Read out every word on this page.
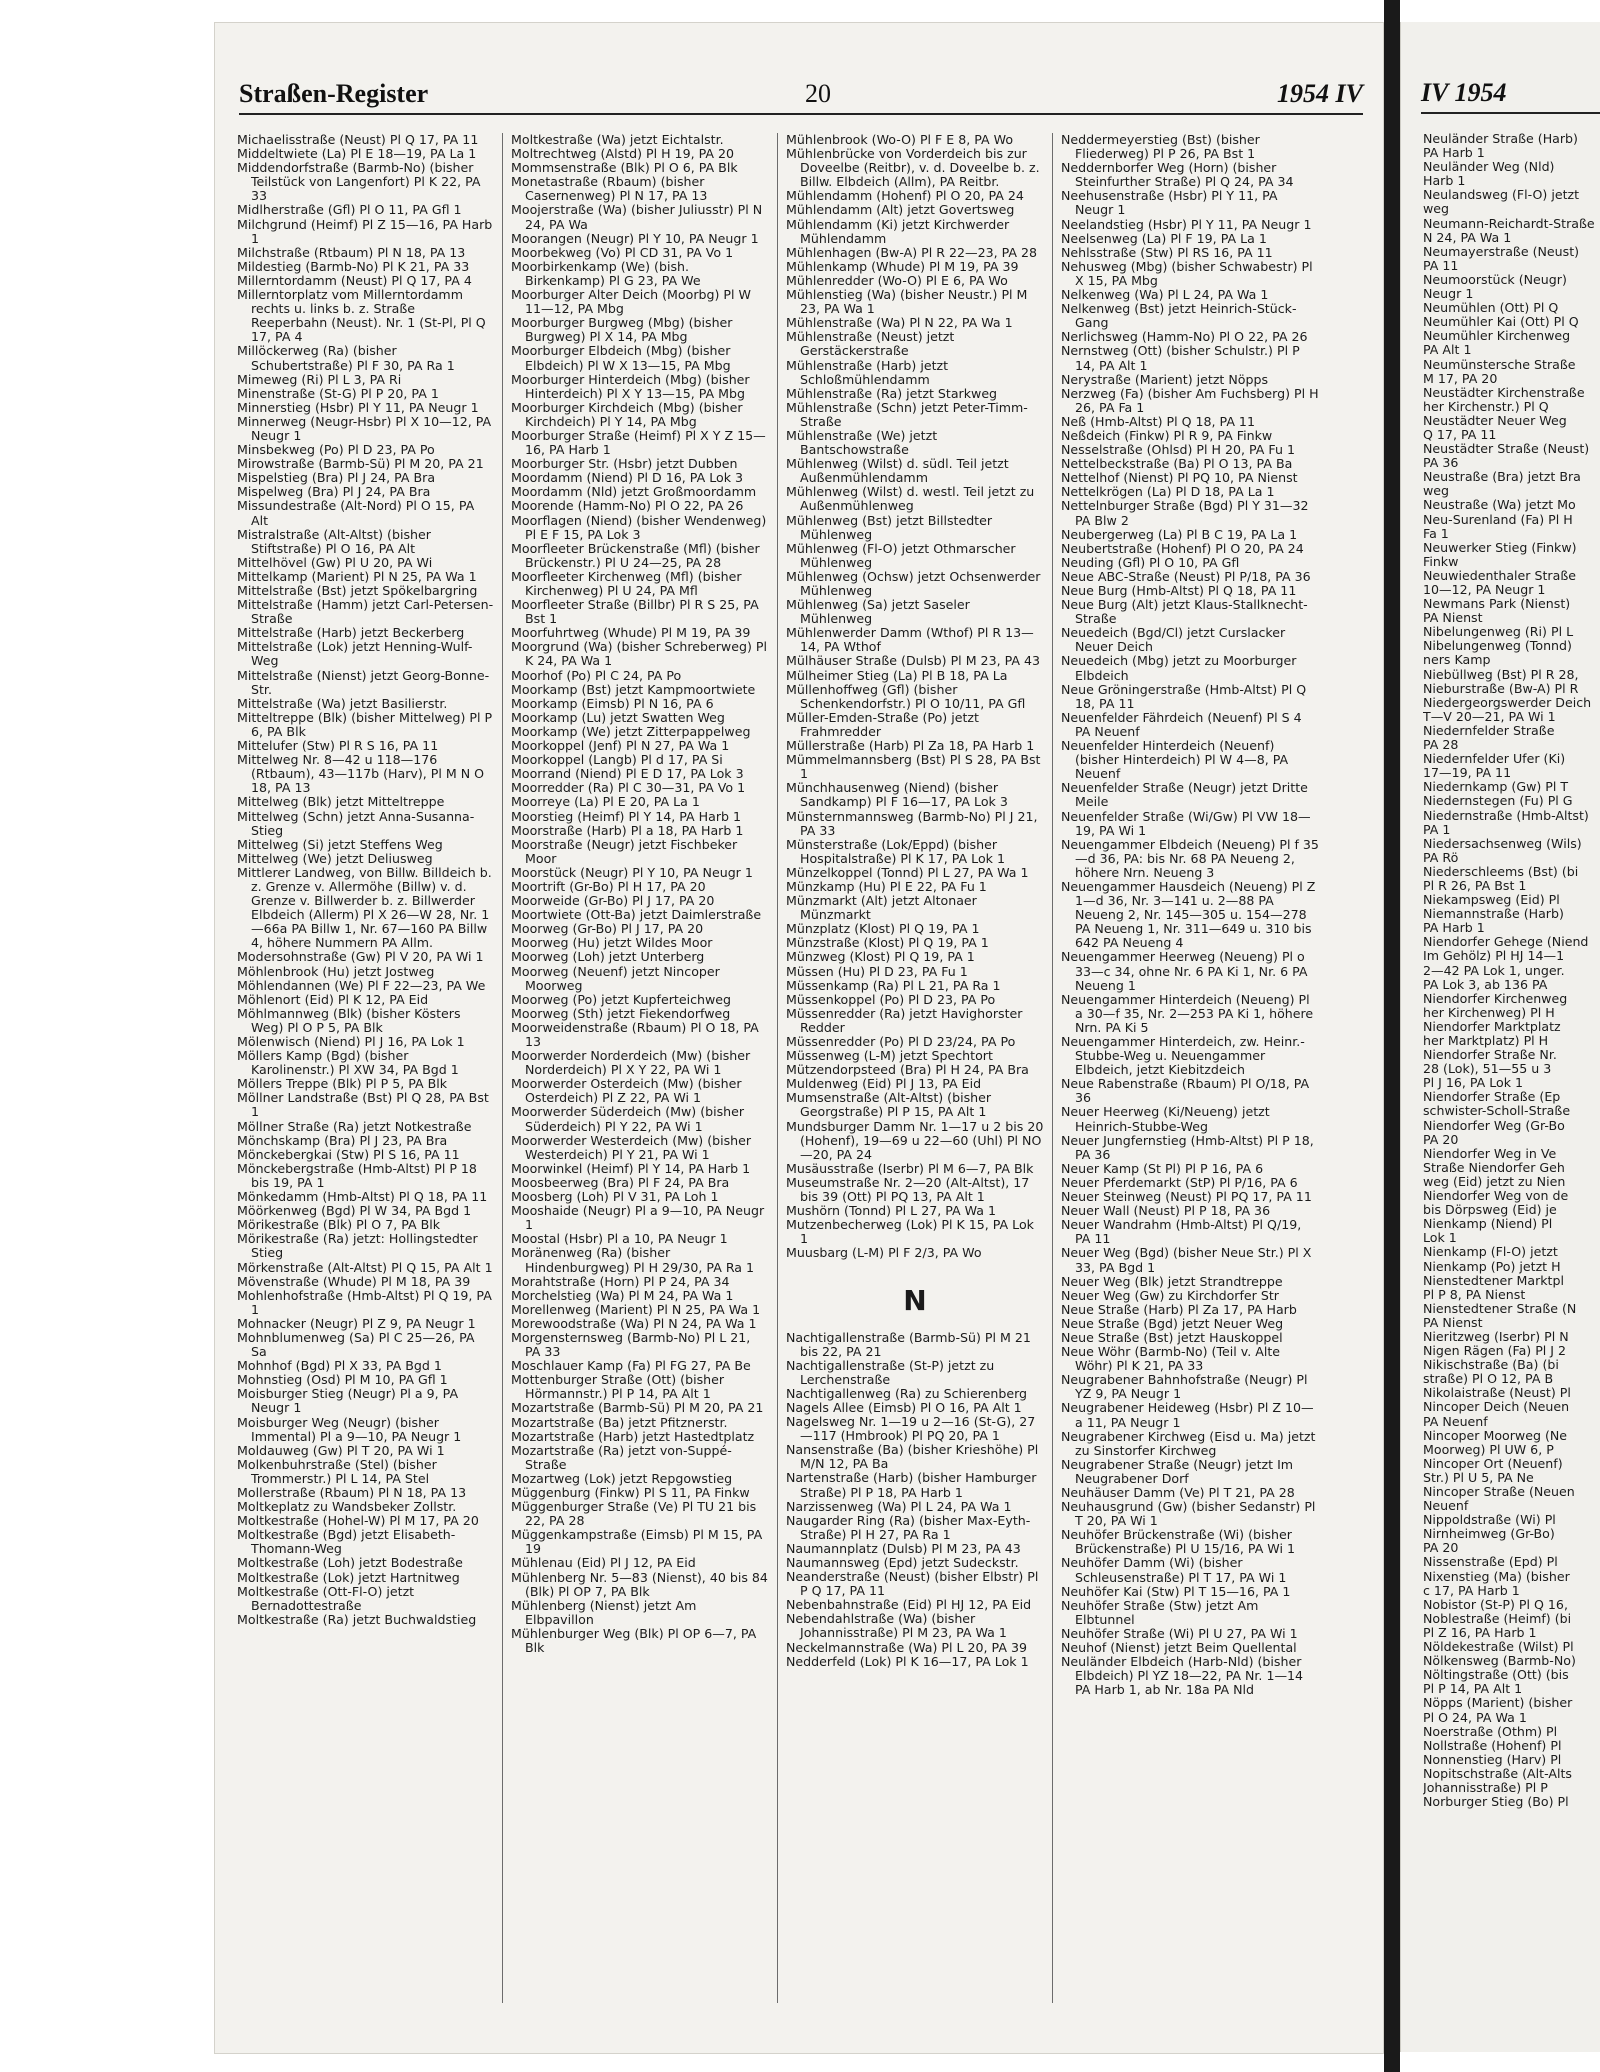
Straßen-Register	20	1954 IV
Michaelisstraße (Neust) Pl Q 17, PA 11
Middeltwiete (La) Pl E 18—19, PA La 1
Middendorfstraße (Barmb-No) (bisher Teilstück von Langenfort) Pl K 22, PA 33
Midlherstraße (Gfl) Pl O 11, PA Gfl 1
Milchgrund (Heimf) Pl Z 15—16, PA Harb 1
Milchstraße (Rtbaum) Pl N 18, PA 13
Mildestieg (Barmb-No) Pl K 21, PA 33
Millerntordamm (Neust) Pl Q 17, PA 4
Millerntorplatz vom Millerntordamm rechts u. links b. z. Straße Reeperbahn (Neust). Nr. 1 (St-Pl, Pl Q 17, PA 4
Millöckerweg (Ra) (bisher Schubertstraße) Pl F 30, PA Ra 1
Mimeweg (Ri) Pl L 3, PA Ri
Minenstraße (St-G) Pl P 20, PA 1
Minnerstieg (Hsbr) Pl Y 11, PA Neugr 1
Minnerweg (Neugr-Hsbr) Pl X 10—12, PA Neugr 1
Minsbekweg (Po) Pl D 23, PA Po
Mirowstraße (Barmb-Sü) Pl M 20, PA 21
Mispelstieg (Bra) Pl J 24, PA Bra
Mispelweg (Bra) Pl J 24, PA Bra
Missundestraße (Alt-Nord) Pl O 15, PA Alt
Mistralstraße (Alt-Altst) (bisher Stiftstraße) Pl O 16, PA Alt
Mittelhövel (Gw) Pl U 20, PA Wi
Mittelkamp (Marient) Pl N 25, PA Wa 1
Mittelstraße (Bst) jetzt Spökelbargring
Mittelstraße (Hamm) jetzt Carl-Petersen-Straße
Mittelstraße (Harb) jetzt Beckerberg
Mittelstraße (Lok) jetzt Henning-Wulf-Weg
Mittelstraße (Nienst) jetzt Georg-Bonne-Str.
Mittelstraße (Wa) jetzt Basilierstr.
Mitteltreppe (Blk) (bisher Mittelweg) Pl P 6, PA Blk
Mittelufer (Stw) Pl R S 16, PA 11
Mittelweg Nr. 8—42 u 118—176 (Rtbaum), 43—117b (Harv), Pl M N O 18, PA 13
Mittelweg (Blk) jetzt Mitteltreppe
Mittelweg (Schn) jetzt Anna-Susanna-Stieg
Mittelweg (Si) jetzt Steffens Weg
Mittelweg (We) jetzt Deliusweg
Mittlerer Landweg, von Billw. Billdeich b. z. Grenze v. Allermöhe (Billw) v. d. Grenze v. Billwerder b. z. Billwerder Elbdeich (Allerm) Pl X 26—W 28, Nr. 1—66a PA Billw 1, Nr. 67—160 PA Billw 4, höhere Nummern PA Allm.
Modersohnstraße (Gw) Pl V 20, PA Wi 1
Möhlenbrook (Hu) jetzt Jostweg
Möhlendannen (We) Pl F 22—23, PA We
Möhlenort (Eid) Pl K 12, PA Eid
Möhlmannweg (Blk) (bisher Kösters Weg) Pl O P 5, PA Blk
Mölenwisch (Niend) Pl J 16, PA Lok 1
Möllers Kamp (Bgd) (bisher Karolinenstr.) Pl XW 34, PA Bgd 1
Möllers Treppe (Blk) Pl P 5, PA Blk
Möllner Landstraße (Bst) Pl Q 28, PA Bst 1
Möllner Straße (Ra) jetzt Notkestraße
Mönchskamp (Bra) Pl J 23, PA Bra
Mönckebergkai (Stw) Pl S 16, PA 11
Mönckebergstraße (Hmb-Altst) Pl P 18 bis 19, PA 1
Mönkedamm (Hmb-Altst) Pl Q 18, PA 11
Möörkenweg (Bgd) Pl W 34, PA Bgd 1
Mörikestraße (Blk) Pl O 7, PA Blk
Mörikestraße (Ra) jetzt: Hollingstedter Stieg
Mörkenstraße (Alt-Altst) Pl Q 15, PA Alt 1
Mövenstraße (Whude) Pl M 18, PA 39
Mohlenhofstraße (Hmb-Altst) Pl Q 19, PA 1
Mohnacker (Neugr) Pl Z 9, PA Neugr 1
Mohnblumenweg (Sa) Pl C 25—26, PA Sa
Mohnhof (Bgd) Pl X 33, PA Bgd 1
Mohnstieg (Osd) Pl M 10, PA Gfl 1
Moisburger Stieg (Neugr) Pl a 9, PA Neugr 1
Moisburger Weg (Neugr) (bisher Immental) Pl a 9—10, PA Neugr 1
Moldauweg (Gw) Pl T 20, PA Wi 1
Molkenbuhrstraße (Stel) (bisher Trommerstr.) Pl L 14, PA Stel
Mollerstraße (Rbaum) Pl N 18, PA 13
Moltkeplatz zu Wandsbeker Zollstr.
Moltkestraße (Hohel-W) Pl M 17, PA 20
Moltkestraße (Bgd) jetzt Elisabeth-Thomann-Weg
Moltkestraße (Loh) jetzt Bodestraße
Moltkestraße (Lok) jetzt Hartnitweg
Moltkestraße (Ott-Fl-O) jetzt Bernadottestraße
Moltkestraße (Ra) jetzt Buchwaldstieg
Moltkestraße (Wa) jetzt Eichtalstr.
Moltrechtweg (Alstd) Pl H 19, PA 20
Mommsenstraße (Blk) Pl O 6, PA Blk
Monetastraße (Rbaum) (bisher Casernenweg) Pl N 17, PA 13
Moojerstraße (Wa) (bisher Juliusstr) Pl N 24, PA Wa
Moorangen (Neugr) Pl Y 10, PA Neugr 1
Moorbekweg (Vo) Pl CD 31, PA Vo 1
Moorbirkenkamp (We) (bish. Birkenkamp) Pl G 23, PA We
Moorburger Alter Deich (Moorbg) Pl W 11—12, PA Mbg
Moorburger Burgweg (Mbg) (bisher Burgweg) Pl X 14, PA Mbg
Moorburger Elbdeich (Mbg) (bisher Elbdeich) Pl W X 13—15, PA Mbg
Moorburger Hinterdeich (Mbg) (bisher Hinterdeich) Pl X Y 13—15, PA Mbg
Moorburger Kirchdeich (Mbg) (bisher Kirchdeich) Pl Y 14, PA Mbg
Moorburger Straße (Heimf) Pl X Y Z 15—16, PA Harb 1
Moorburger Str. (Hsbr) jetzt Dubben
Moordamm (Niend) Pl D 16, PA Lok 3
Moordamm (Nld) jetzt Großmoordamm
Moorende (Hamm-No) Pl O 22, PA 26
Moorflagen (Niend) (bisher Wendenweg) Pl E F 15, PA Lok 3
Moorfleeter Brückenstraße (Mfl) (bisher Brückenstr.) Pl U 24—25, PA 28
Moorfleeter Kirchenweg (Mfl) (bisher Kirchenweg) Pl U 24, PA Mfl
Moorfleeter Straße (Billbr) Pl R S 25, PA Bst 1
Moorfuhrtweg (Whude) Pl M 19, PA 39
Moorgrund (Wa) (bisher Schreberweg) Pl K 24, PA Wa 1
Moorhof (Po) Pl C 24, PA Po
Moorkamp (Bst) jetzt Kampmoortwiete
Moorkamp (Eimsb) Pl N 16, PA 6
Moorkamp (Lu) jetzt Swatten Weg
Moorkamp (We) jetzt Zitterpappelweg
Moorkoppel (Jenf) Pl N 27, PA Wa 1
Moorkoppel (Langb) Pl d 17, PA Si
Moorrand (Niend) Pl E D 17, PA Lok 3
Moorredder (Ra) Pl C 30—31, PA Vo 1
Moorreye (La) Pl E 20, PA La 1
Moorstieg (Heimf) Pl Y 14, PA Harb 1
Moorstraße (Harb) Pl a 18, PA Harb 1
Moorstraße (Neugr) jetzt Fischbeker Moor
Moorstück (Neugr) Pl Y 10, PA Neugr 1
Moortrift (Gr-Bo) Pl H 17, PA 20
Moorweide (Gr-Bo) Pl J 17, PA 20
Moortwiete (Ott-Ba) jetzt Daimlerstraße
Moorweg (Gr-Bo) Pl J 17, PA 20
Moorweg (Hu) jetzt Wildes Moor
Moorweg (Loh) jetzt Unterberg
Moorweg (Neuenf) jetzt Nincoper Moorweg
Moorweg (Po) jetzt Kupferteichweg
Moorweg (Sth) jetzt Fiekendorfweg
Moorweidenstraße (Rbaum) Pl O 18, PA 13
Moorwerder Norderdeich (Mw) (bisher Norderdeich) Pl X Y 22, PA Wi 1
Moorwerder Osterdeich (Mw) (bisher Osterdeich) Pl Z 22, PA Wi 1
Moorwerder Süderdeich (Mw) (bisher Süderdeich) Pl Y 22, PA Wi 1
Moorwerder Westerdeich (Mw) (bisher Westerdeich) Pl Y 21, PA Wi 1
Moorwinkel (Heimf) Pl Y 14, PA Harb 1
Moosbeerweg (Bra) Pl F 24, PA Bra
Moosberg (Loh) Pl V 31, PA Loh 1
Mooshaide (Neugr) Pl a 9—10, PA Neugr 1
Moostal (Hsbr) Pl a 10, PA Neugr 1
Moränenweg (Ra) (bisher Hindenburgweg) Pl H 29/30, PA Ra 1
Morahtstraße (Horn) Pl P 24, PA 34
Morchelstieg (Wa) Pl M 24, PA Wa 1
Morellenweg (Marient) Pl N 25, PA Wa 1
Morewoodstraße (Wa) Pl N 24, PA Wa 1
Morgensternsweg (Barmb-No) Pl L 21, PA 33
Moschlauer Kamp (Fa) Pl FG 27, PA Be
Mottenburger Straße (Ott) (bisher Hörmannstr.) Pl P 14, PA Alt 1
Mozartstraße (Barmb-Sü) Pl M 20, PA 21
Mozartstraße (Ba) jetzt Pfitznerstr.
Mozartstraße (Harb) jetzt Hastedtplatz
Mozartstraße (Ra) jetzt von-Suppé-Straße
Mozartweg (Lok) jetzt Repgowstieg
Müggenburg (Finkw) Pl S 11, PA Finkw
Müggenburger Straße (Ve) Pl TU 21 bis 22, PA 28
Müggenkampstraße (Eimsb) Pl M 15, PA 19
Mühlenau (Eid) Pl J 12, PA Eid
Mühlenberg Nr. 5—83 (Nienst), 40 bis 84 (Blk) Pl OP 7, PA Blk
Mühlenberg (Nienst) jetzt Am Elbpavillon
Mühlenburger Weg (Blk) Pl OP 6—7, PA Blk
Mühlenbrook (Wo-O) Pl F E 8, PA Wo
Mühlenbrücke von Vorderdeich bis zur Doveelbe (Reitbr), v. d. Doveelbe b. z. Billw. Elbdeich (Allm), PA Reitbr.
Mühlendamm (Hohenf) Pl O 20, PA 24
Mühlendamm (Alt) jetzt Govertsweg
Mühlendamm (Ki) jetzt Kirchwerder Mühlendamm
Mühlenhagen (Bw-A) Pl R 22—23, PA 28
Mühlenkamp (Whude) Pl M 19, PA 39
Mühlenredder (Wo-O) Pl E 6, PA Wo
Mühlenstieg (Wa) (bisher Neustr.) Pl M 23, PA Wa 1
Mühlenstraße (Wa) Pl N 22, PA Wa 1
Mühlenstraße (Neust) jetzt Gerstäckerstraße
Mühlenstraße (Harb) jetzt Schloßmühlendamm
Mühlenstraße (Ra) jetzt Starkweg
Mühlenstraße (Schn) jetzt Peter-Timm-Straße
Mühlenstraße (We) jetzt Bantschowstraße
Mühlenweg (Wilst) d. südl. Teil jetzt Außenmühlendamm
Mühlenweg (Wilst) d. westl. Teil jetzt zu Außenmühlenweg
Mühlenweg (Bst) jetzt Billstedter Mühlenweg
Mühlenweg (Fl-O) jetzt Othmarscher Mühlenweg
Mühlenweg (Ochsw) jetzt Ochsenwerder Mühlenweg
Mühlenweg (Sa) jetzt Saseler Mühlenweg
Mühlenwerder Damm (Wthof) Pl R 13—14, PA Wthof
Mülhäuser Straße (Dulsb) Pl M 23, PA 43
Mülheimer Stieg (La) Pl B 18, PA La
Müllenhoffweg (Gfl) (bisher Schenkendorfstr.) Pl O 10/11, PA Gfl
Müller-Emden-Straße (Po) jetzt Frahmredder
Müllerstraße (Harb) Pl Za 18, PA Harb 1
Mümmelmannsberg (Bst) Pl S 28, PA Bst 1
Münchhausenweg (Niend) (bisher Sandkamp) Pl F 16—17, PA Lok 3
Münsternmannsweg (Barmb-No) Pl J 21, PA 33
Münsterstraße (Lok/Eppd) (bisher Hospitalstraße) Pl K 17, PA Lok 1
Münzelkoppel (Tonnd) Pl L 27, PA Wa 1
Münzkamp (Hu) Pl E 22, PA Fu 1
Münzmarkt (Alt) jetzt Altonaer Münzmarkt
Münzplatz (Klost) Pl Q 19, PA 1
Münzstraße (Klost) Pl Q 19, PA 1
Münzweg (Klost) Pl Q 19, PA 1
Müssen (Hu) Pl D 23, PA Fu 1
Müssenkamp (Ra) Pl L 21, PA Ra 1
Müssenkoppel (Po) Pl D 23, PA Po
Müssenredder (Ra) jetzt Havighorster Redder
Müssenredder (Po) Pl D 23/24, PA Po
Müssenweg (L-M) jetzt Spechtort
Mützendorpsteed (Bra) Pl H 24, PA Bra
Muldenweg (Eid) Pl J 13, PA Eid
Mumsenstraße (Alt-Altst) (bisher Georgstraße) Pl P 15, PA Alt 1
Mundsburger Damm Nr. 1—17 u 2 bis 20 (Hohenf), 19—69 u 22—60 (Uhl) Pl NO —20, PA 24
Musäusstraße (Iserbr) Pl M 6—7, PA Blk
Museumstraße Nr. 2—20 (Alt-Altst), 17 bis 39 (Ott) Pl PQ 13, PA Alt 1
Mushörn (Tonnd) Pl L 27, PA Wa 1
Mutzenbecherweg (Lok) Pl K 15, PA Lok 1
Muusbarg (L-M) Pl F 2/3, PA Wo
N
Nachtigallenstraße (Barmb-Sü) Pl M 21 bis 22, PA 21
Nachtigallenstraße (St-P) jetzt zu Lerchenstraße
Nachtigallenweg (Ra) zu Schierenberg
Nagels Allee (Eimsb) Pl O 16, PA Alt 1
Nagelsweg Nr. 1—19 u 2—16 (St-G), 27—117 (Hmbrook) Pl PQ 20, PA 1
Nansenstraße (Ba) (bisher Krieshöhe) Pl M/N 12, PA Ba
Nartenstraße (Harb) (bisher Hamburger Straße) Pl P 18, PA Harb 1
Narzissenweg (Wa) Pl L 24, PA Wa 1
Naugarder Ring (Ra) (bisher Max-Eyth-Straße) Pl H 27, PA Ra 1
Naumannplatz (Dulsb) Pl M 23, PA 43
Naumannsweg (Epd) jetzt Sudeckstr.
Neanderstraße (Neust) (bisher Elbstr) Pl P Q 17, PA 11
Nebenbahnstraße (Eid) Pl HJ 12, PA Eid
Nebendahlstraße (Wa) (bisher Johannisstraße) Pl M 23, PA Wa 1
Neckelmannstraße (Wa) Pl L 20, PA 39
Nedderfeld (Lok) Pl K 16—17, PA Lok 1
Neddermeyerstieg (Bst) (bisher Fliederweg) Pl P 26, PA Bst 1
Neddernborfer Weg (Horn) (bisher Steinfurther Straße) Pl Q 24, PA 34
Neehusenstraße (Hsbr) Pl Y 11, PA Neugr 1
Neelandstieg (Hsbr) Pl Y 11, PA Neugr 1
Neelsenweg (La) Pl F 19, PA La 1
Nehlsstraße (Stw) Pl RS 16, PA 11
Nehusweg (Mbg) (bisher Schwabestr) Pl X 15, PA Mbg
Nelkenweg (Wa) Pl L 24, PA Wa 1
Nelkenweg (Bst) jetzt Heinrich-Stück-Gang
Nerlichsweg (Hamm-No) Pl O 22, PA 26
Nernstweg (Ott) (bisher Schulstr.) Pl P 14, PA Alt 1
Nerystraße (Marient) jetzt Nöpps
Nerzweg (Fa) (bisher Am Fuchsberg) Pl H 26, PA Fa 1
Neß (Hmb-Altst) Pl Q 18, PA 11
Neßdeich (Finkw) Pl R 9, PA Finkw
Nesselstraße (Ohlsd) Pl H 20, PA Fu 1
Nettelbeckstraße (Ba) Pl O 13, PA Ba
Nettelhof (Nienst) Pl PQ 10, PA Nienst
Nettelkrögen (La) Pl D 18, PA La 1
Nettelnburger Straße (Bgd) Pl Y 31—32 PA Blw 2
Neubergerweg (La) Pl B C 19, PA La 1
Neubertstraße (Hohenf) Pl O 20, PA 24
Neuding (Gfl) Pl O 10, PA Gfl
Neue ABC-Straße (Neust) Pl P/18, PA 36
Neue Burg (Hmb-Altst) Pl Q 18, PA 11
Neue Burg (Alt) jetzt Klaus-Stallknecht-Straße
Neuedeich (Bgd/Cl) jetzt Curslacker Neuer Deich
Neuedeich (Mbg) jetzt zu Moorburger Elbdeich
Neue Gröningerstraße (Hmb-Altst) Pl Q 18, PA 11
Neuenfelder Fährdeich (Neuenf) Pl S 4 PA Neuenf
Neuenfelder Hinterdeich (Neuenf) (bisher Hinterdeich) Pl W 4—8, PA Neuenf
Neuenfelder Straße (Neugr) jetzt Dritte Meile
Neuenfelder Straße (Wi/Gw) Pl VW 18—19, PA Wi 1
Neuengammer Elbdeich (Neueng) Pl f 35—d 36, PA: bis Nr. 68 PA Neueng 2, höhere Nrn. Neueng 3
Neuengammer Hausdeich (Neueng) Pl Z 1—d 36, Nr. 3—141 u. 2—88 PA Neueng 2, Nr. 145—305 u. 154—278 PA Neueng 1, Nr. 311—649 u. 310 bis 642 PA Neueng 4
Neuengammer Heerweg (Neueng) Pl o 33—c 34, ohne Nr. 6 PA Ki 1, Nr. 6 PA Neueng 1
Neuengammer Hinterdeich (Neueng) Pl a 30—f 35, Nr. 2—253 PA Ki 1, höhere Nrn. PA Ki 5
Neuengammer Hinterdeich, zw. Heinr.-Stubbe-Weg u. Neuengammer Elbdeich, jetzt Kiebitzdeich
Neue Rabenstraße (Rbaum) Pl O/18, PA 36
Neuer Heerweg (Ki/Neueng) jetzt Heinrich-Stubbe-Weg
Neuer Jungfernstieg (Hmb-Altst) Pl P 18, PA 36
Neuer Kamp (St Pl) Pl P 16, PA 6
Neuer Pferdemarkt (StP) Pl P/16, PA 6
Neuer Steinweg (Neust) Pl PQ 17, PA 11
Neuer Wall (Neust) Pl P 18, PA 36
Neuer Wandrahm (Hmb-Altst) Pl Q/19, PA 11
Neuer Weg (Bgd) (bisher Neue Str.) Pl X 33, PA Bgd 1
Neuer Weg (Blk) jetzt Strandtreppe
Neuer Weg (Gw) zu Kirchdorfer Str
Neue Straße (Harb) Pl Za 17, PA Harb
Neue Straße (Bgd) jetzt Neuer Weg
Neue Straße (Bst) jetzt Hauskoppel
Neue Wöhr (Barmb-No) (Teil v. Alte Wöhr) Pl K 21, PA 33
Neugrabener Bahnhofstraße (Neugr) Pl YZ 9, PA Neugr 1
Neugrabener Heideweg (Hsbr) Pl Z 10—a 11, PA Neugr 1
Neugrabener Kirchweg (Eisd u. Ma) jetzt zu Sinstorfer Kirchweg
Neugrabener Straße (Neugr) jetzt Im Neugrabener Dorf
Neuhäuser Damm (Ve) Pl T 21, PA 28
Neuhausgrund (Gw) (bisher Sedanstr) Pl T 20, PA Wi 1
Neuhöfer Brückenstraße (Wi) (bisher Brückenstraße) Pl U 15/16, PA Wi 1
Neuhöfer Damm (Wi) (bisher Schleusenstraße) Pl T 17, PA Wi 1
Neuhöfer Kai (Stw) Pl T 15—16, PA 1
Neuhöfer Straße (Stw) jetzt Am Elbtunnel
Neuhöfer Straße (Wi) Pl U 27, PA Wi 1
Neuhof (Nienst) jetzt Beim Quellental
Neuländer Elbdeich (Harb-Nld) (bisher Elbdeich) Pl YZ 18—22, PA Nr. 1—14 PA Harb 1, ab Nr. 18a PA Nld
IV 1954
Neuländer Straße (Harb)
PA Harb 1
Neuländer Weg (Nld)
Harb 1
Neulandsweg (Fl-O) jetzt
weg
Neumann-Reichardt-Straße
N 24, PA Wa 1
Neumayerstraße (Neust)
PA 11
Neumoorstück (Neugr)
Neugr 1
Neumühlen (Ott) Pl Q
Neumühler Kai (Ott) Pl Q
Neumühler Kirchenweg
PA Alt 1
Neumünstersche Straße
M 17, PA 20
Neustädter Kirchenstraße
her Kirchenstr.) Pl Q
Neustädter Neuer Weg
Q 17, PA 11
Neustädter Straße (Neust)
PA 36
Neustraße (Bra) jetzt Bra
weg
Neustraße (Wa) jetzt Mo
Neu-Surenland (Fa) Pl H
Fa 1
Neuwerker Stieg (Finkw)
Finkw
Neuwiedenthaler Straße
10—12, PA Neugr 1
Newmans Park (Nienst)
PA Nienst
Nibelungenweg (Ri) Pl L
Nibelungenweg (Tonnd)
ners Kamp
Niebüllweg (Bst) Pl R 28,
Nieburstraße (Bw-A) Pl R
Niedergeorgswerder Deich
T—V 20—21, PA Wi 1
Niedernfelder Straße
PA 28
Niedernfelder Ufer (Ki)
17—19, PA 11
Niedernkamp (Gw) Pl T
Niedernstegen (Fu) Pl G
Niedernstraße (Hmb-Altst)
PA 1
Niedersachsenweg (Wils)
PA Rö
Niederschleems (Bst) (bi
Pl R 26, PA Bst 1
Niekampsweg (Eid) Pl
Niemannstraße (Harb)
PA Harb 1
Niendorfer Gehege (Niend
Im Gehölz) Pl HJ 14—1
2—42 PA Lok 1, unger.
PA Lok 3, ab 136 PA
Niendorfer Kirchenweg
her Kirchenweg) Pl H
Niendorfer Marktplatz
her Marktplatz) Pl H
Niendorfer Straße Nr.
28 (Lok), 51—55 u 3
Pl J 16, PA Lok 1
Niendorfer Straße (Ep
schwister-Scholl-Straße
Niendorfer Weg (Gr-Bo
PA 20
Niendorfer Weg in Ve
Straße Niendorfer Geh
weg (Eid) jetzt zu Nien
Niendorfer Weg von de
bis Dörpsweg (Eid) je
Nienkamp (Niend) Pl
Lok 1
Nienkamp (Fl-O) jetzt
Nienkamp (Po) jetzt H
Nienstedtener Marktpl
Pl P 8, PA Nienst
Nienstedtener Straße (N
PA Nienst
Nieritzweg (Iserbr) Pl N
Nigen Rägen (Fa) Pl J 2
Nikischstraße (Ba) (bi
straße) Pl O 12, PA B
Nikolaistraße (Neust) Pl
Nincoper Deich (Neuen
PA Neuenf
Nincoper Moorweg (Ne
Moorweg) Pl UW 6, P
Nincoper Ort (Neuenf)
Str.) Pl U 5, PA Ne
Nincoper Straße (Neuen
Neuenf
Nippoldstraße (Wi) Pl
Nirnheimweg (Gr-Bo)
PA 20
Nissenstraße (Epd) Pl
Nixenstieg (Ma) (bisher
c 17, PA Harb 1
Nobistor (St-P) Pl Q 16,
Noblestraße (Heimf) (bi
Pl Z 16, PA Harb 1
Nöldekestraße (Wilst) Pl
Nölkensweg (Barmb-No)
Nöltingstraße (Ott) (bis
Pl P 14, PA Alt 1
Nöpps (Marient) (bisher
Pl O 24, PA Wa 1
Noerstraße (Othm) Pl
Nollstraße (Hohenf) Pl
Nonnenstieg (Harv) Pl
Nopitschstraße (Alt-Alts
Johannisstraße) Pl P
Norburger Stieg (Bo) Pl
